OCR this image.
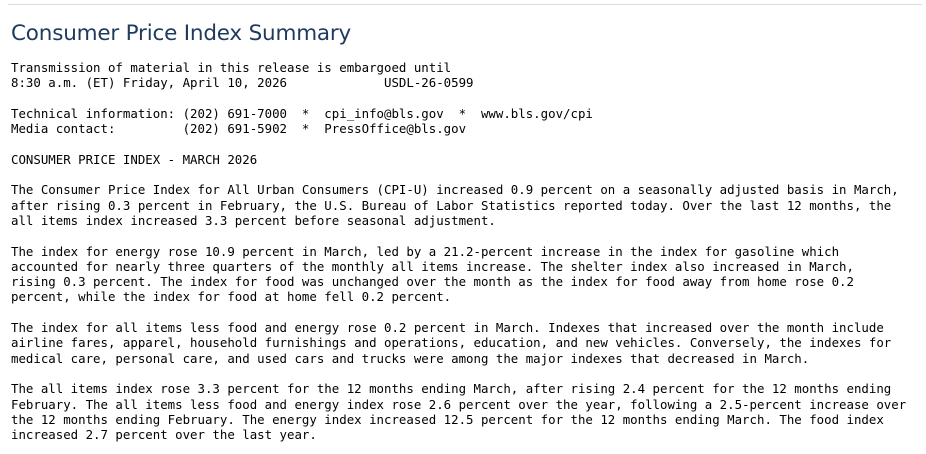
Consumer Price Index Summary
Transmission of material in this release is embargoed until
8:30 a.m. (ET) Friday, April 10, 2026             USDL-26-0599

Technical information: (202) 691-7000  *  cpi_info@bls.gov  *  www.bls.gov/cpi
Media contact:         (202) 691-5902  *  PressOffice@bls.gov

CONSUMER PRICE INDEX - MARCH 2026

The Consumer Price Index for All Urban Consumers (CPI-U) increased 0.9 percent on a seasonally adjusted basis in March,
after rising 0.3 percent in February, the U.S. Bureau of Labor Statistics reported today. Over the last 12 months, the
all items index increased 3.3 percent before seasonal adjustment.

The index for energy rose 10.9 percent in March, led by a 21.2-percent increase in the index for gasoline which
accounted for nearly three quarters of the monthly all items increase. The shelter index also increased in March,
rising 0.3 percent. The index for food was unchanged over the month as the index for food away from home rose 0.2
percent, while the index for food at home fell 0.2 percent.

The index for all items less food and energy rose 0.2 percent in March. Indexes that increased over the month include
airline fares, apparel, household furnishings and operations, education, and new vehicles. Conversely, the indexes for
medical care, personal care, and used cars and trucks were among the major indexes that decreased in March.

The all items index rose 3.3 percent for the 12 months ending March, after rising 2.4 percent for the 12 months ending
February. The all items less food and energy index rose 2.6 percent over the year, following a 2.5-percent increase over
the 12 months ending February. The energy index increased 12.5 percent for the 12 months ending March. The food index
increased 2.7 percent over the last year.
